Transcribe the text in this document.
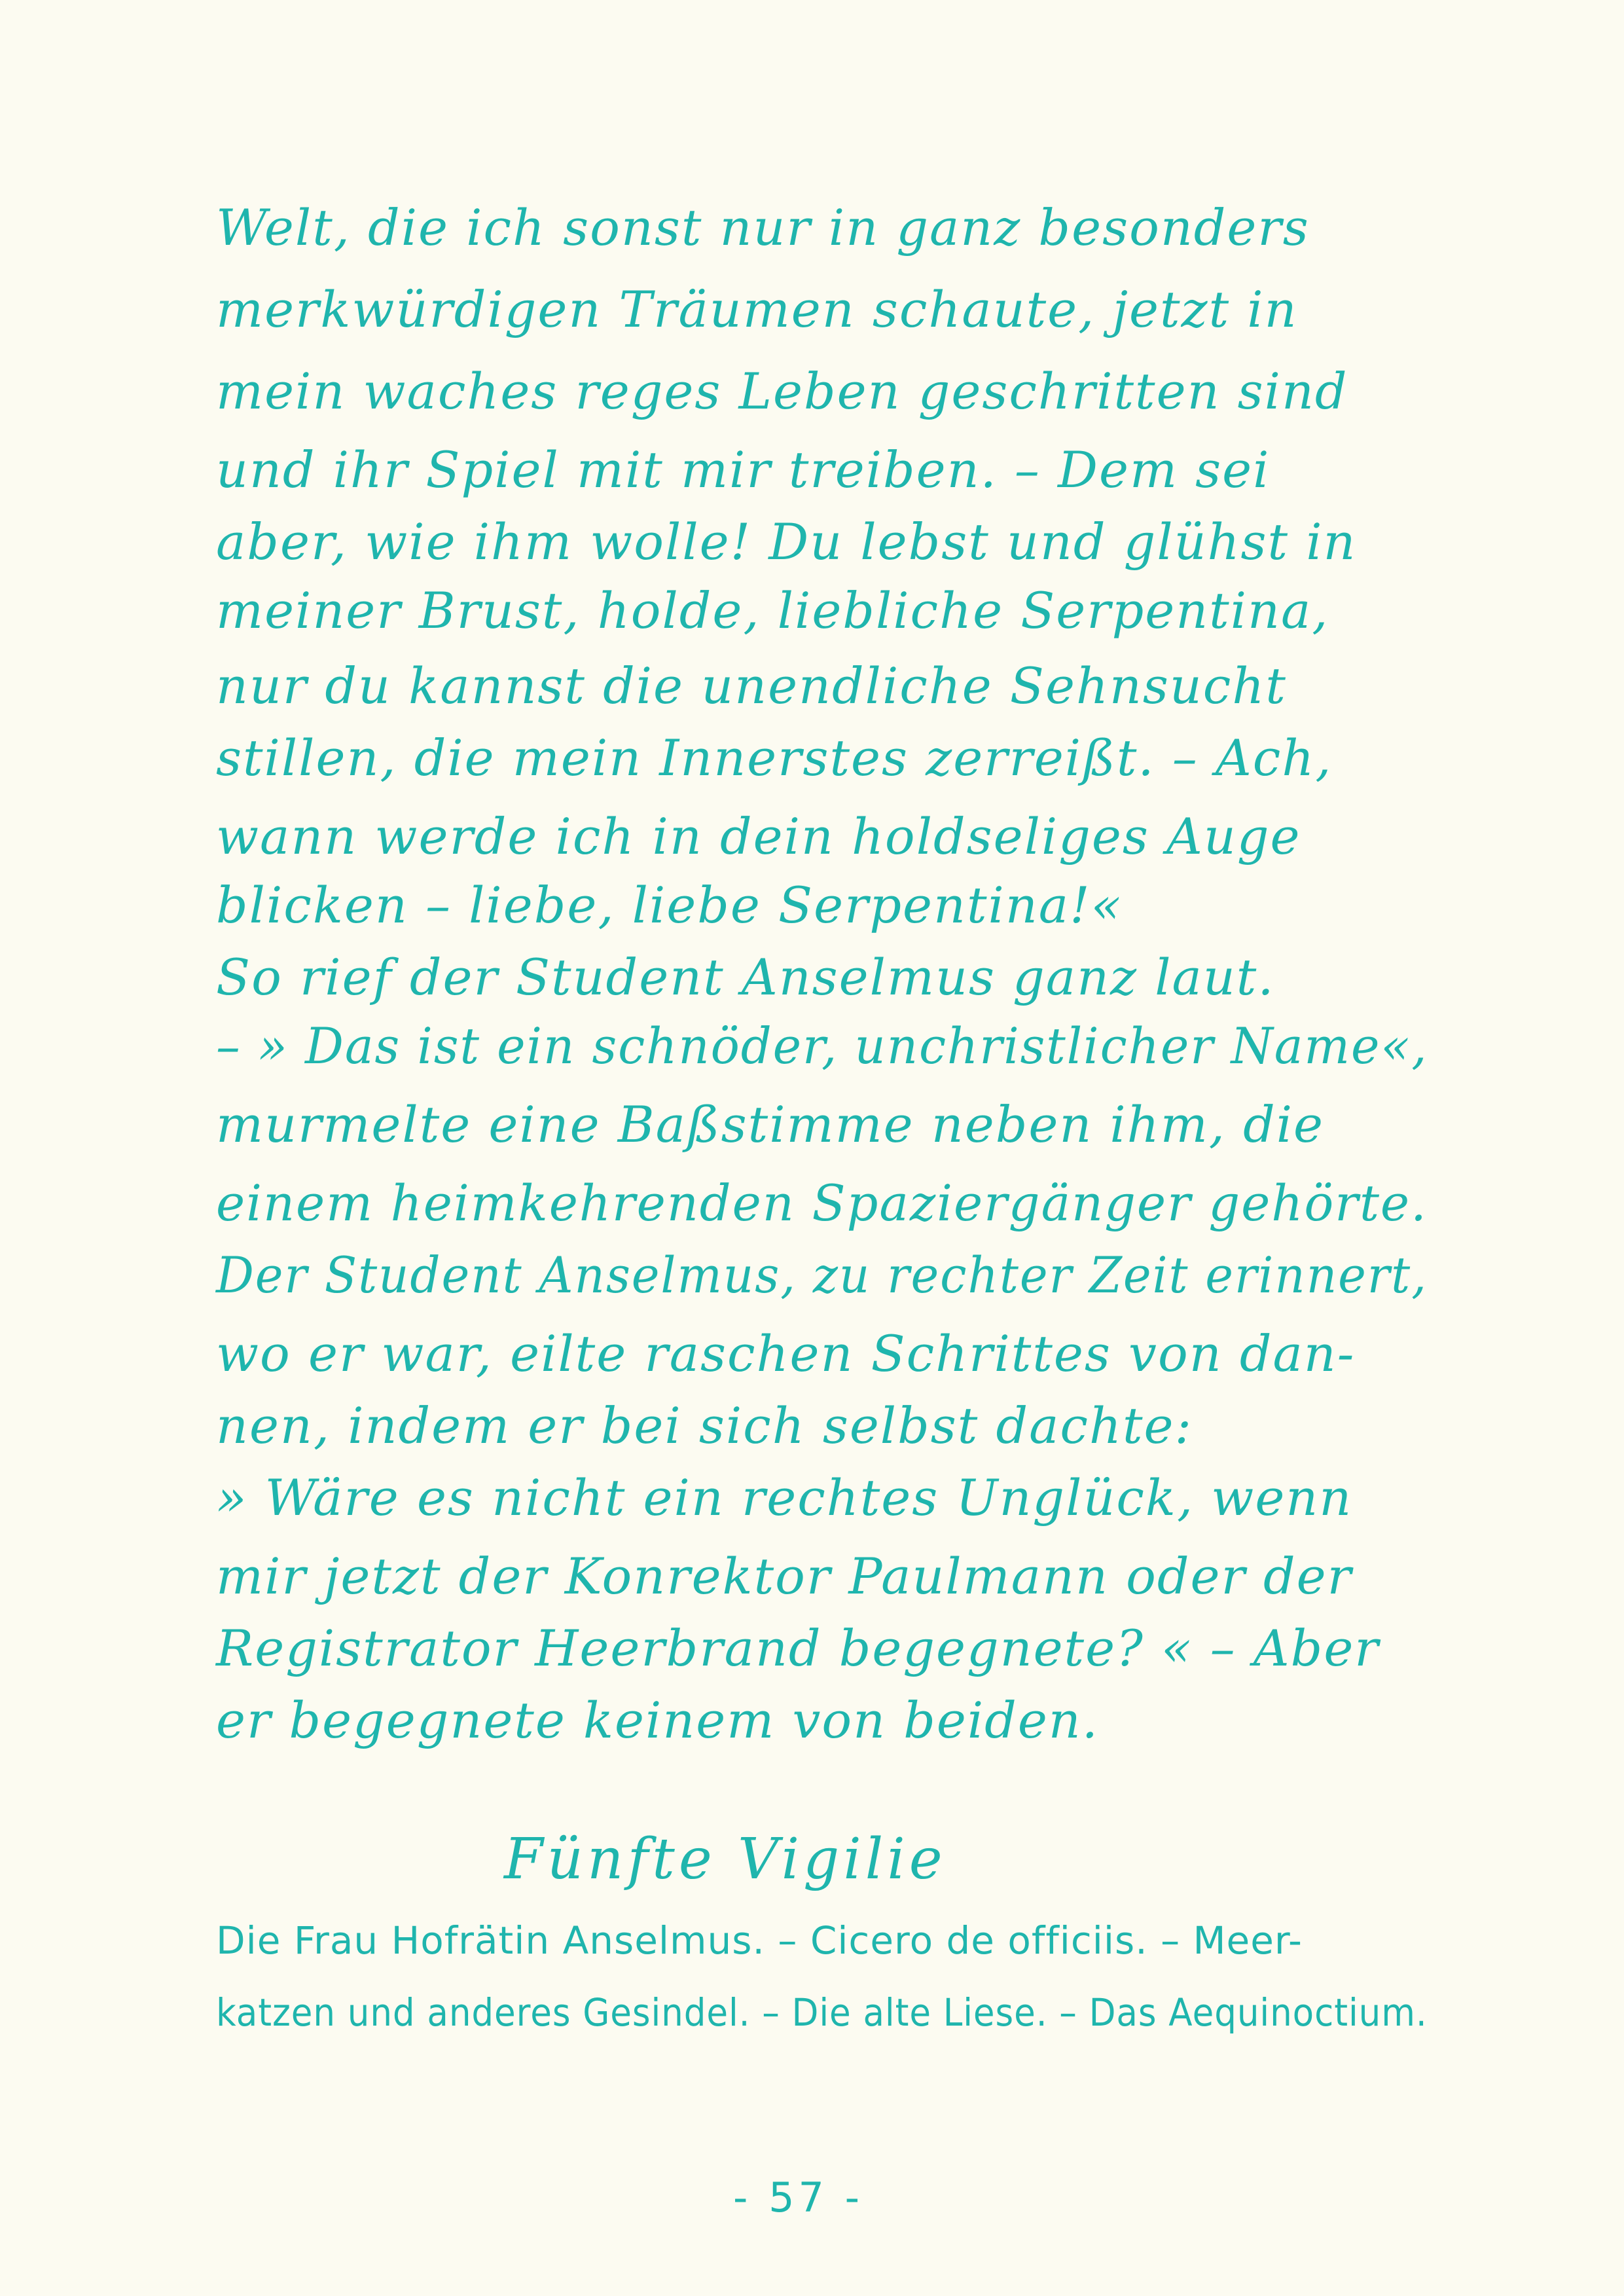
Welt, die ich sonst nur in ganz besonders
merkwürdigen Träumen schaute, jetzt in
mein waches reges Leben geschritten sind
und ihr Spiel mit mir treiben. – Dem sei
aber, wie ihm wolle! Du lebst und glühst in
meiner Brust, holde, liebliche Serpentina,
nur du kannst die unendliche Sehnsucht
stillen, die mein Innerstes zerreißt. – Ach,
wann werde ich in dein holdseliges Auge
blicken – liebe, liebe Serpentina!«
So rief der Student Anselmus ganz laut.
– » Das ist ein schnöder, unchristlicher Name«,
murmelte eine Baßstimme neben ihm, die
einem heimkehrenden Spaziergänger gehörte.
Der Student Anselmus, zu rechter Zeit erinnert,
wo er war, eilte raschen Schrittes von dan-
nen, indem er bei sich selbst dachte:
» Wäre es nicht ein rechtes Unglück, wenn
mir jetzt der Konrektor Paulmann oder der
Registrator Heerbrand begegnete? « – Aber
er begegnete keinem von beiden.
Fünfte Vigilie
Die Frau Hofrätin Anselmus. – Cicero de officiis. – Meer-
katzen und anderes Gesindel. – Die alte Liese. – Das Aequinoctium.
- 57 -
